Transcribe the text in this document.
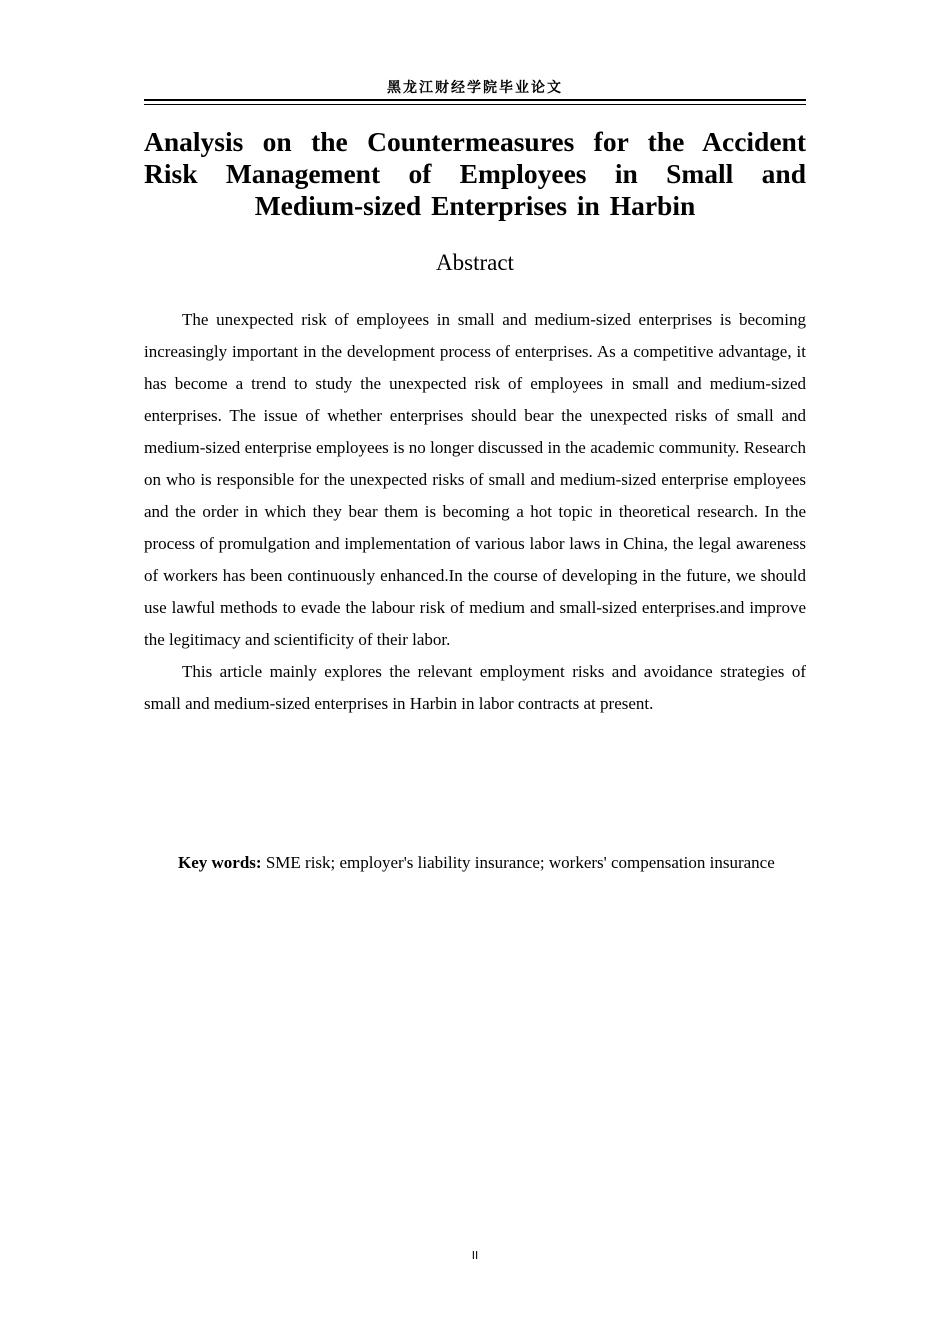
黑龙江财经学院毕业论文
Analysis on the Countermeasures for the Accident Risk Management of Employees in Small and Medium-sized Enterprises in Harbin
Abstract

The unexpected risk of employees in small and medium-sized enterprises is becoming increasingly important in the development process of enterprises. As a competitive advantage, it has become a trend to study the unexpected risk of employees in small and medium-sized enterprises. The issue of whether enterprises should bear the unexpected risks of small and medium-sized enterprise employees is no longer discussed in the academic community. Research on who is responsible for the unexpected risks of small and medium-sized enterprise employees and the order in which they bear them is becoming a hot topic in theoretical research. In the process of promulgation and implementation of various labor laws in China, the legal awareness of workers has been continuously enhanced.In the course of developing in the future, we should use lawful methods to evade the labour risk of medium and small-sized enterprises.and improve the legitimacy and scientificity of their labor.

This article mainly explores the relevant employment risks and avoidance strategies of small and medium-sized enterprises in Harbin in labor contracts at present.

Key words: SME risk; employer's liability insurance; workers' compensation insurance

II
